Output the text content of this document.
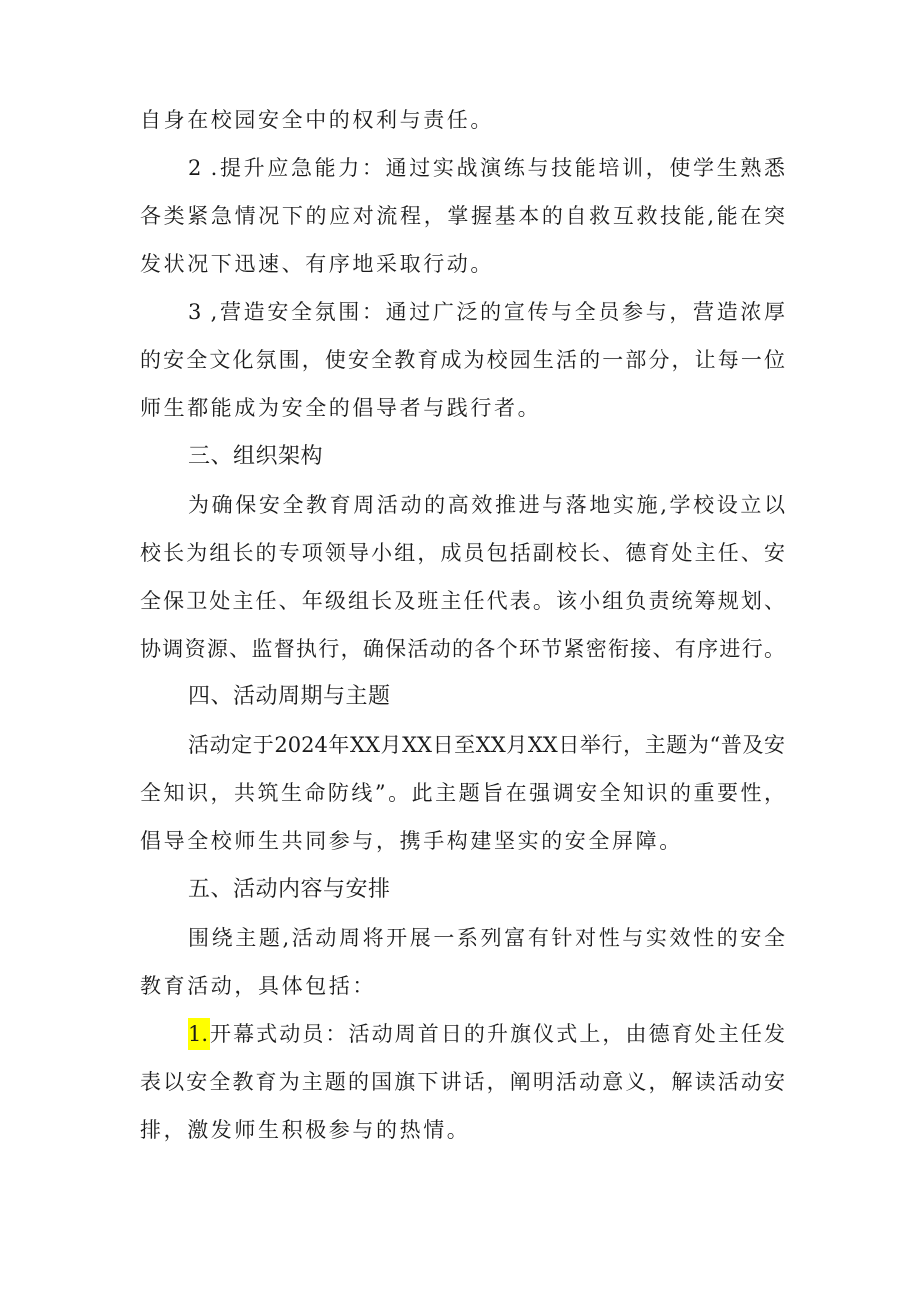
自身在校园安全中的权利与责任。
2 .提升应急能力：通过实战演练与技能培训，使学生熟悉
各类紧急情况下的应对流程，掌握基本的自救互救技能,能在突
发状况下迅速、有序地采取行动。
3 ,营造安全氛围：通过广泛的宣传与全员参与，营造浓厚
的安全文化氛围，使安全教育成为校园生活的一部分，让每一位
师生都能成为安全的倡导者与践行者。
三、组织架构
为确保安全教育周活动的高效推进与落地实施,学校设立以
校长为组长的专项领导小组，成员包括副校长、德育处主任、安
全保卫处主任、年级组长及班主任代表。该小组负责统筹规划、
协调资源、监督执行，确保活动的各个环节紧密衔接、有序进行。
四、活动周期与主题
活动定于2024年XX月XX日至XX月XX日举行，主题为“普及安
全知识，共筑生命防线”。此主题旨在强调安全知识的重要性，
倡导全校师生共同参与，携手构建坚实的安全屏障。
五、活动内容与安排
围绕主题,活动周将开展一系列富有针对性与实效性的安全
教育活动，具体包括：
1. 开幕式动员：活动周首日的升旗仪式上，由德育处主任发
表以安全教育为主题的国旗下讲话，阐明活动意义，解读活动安
排，激发师生积极参与的热情。
